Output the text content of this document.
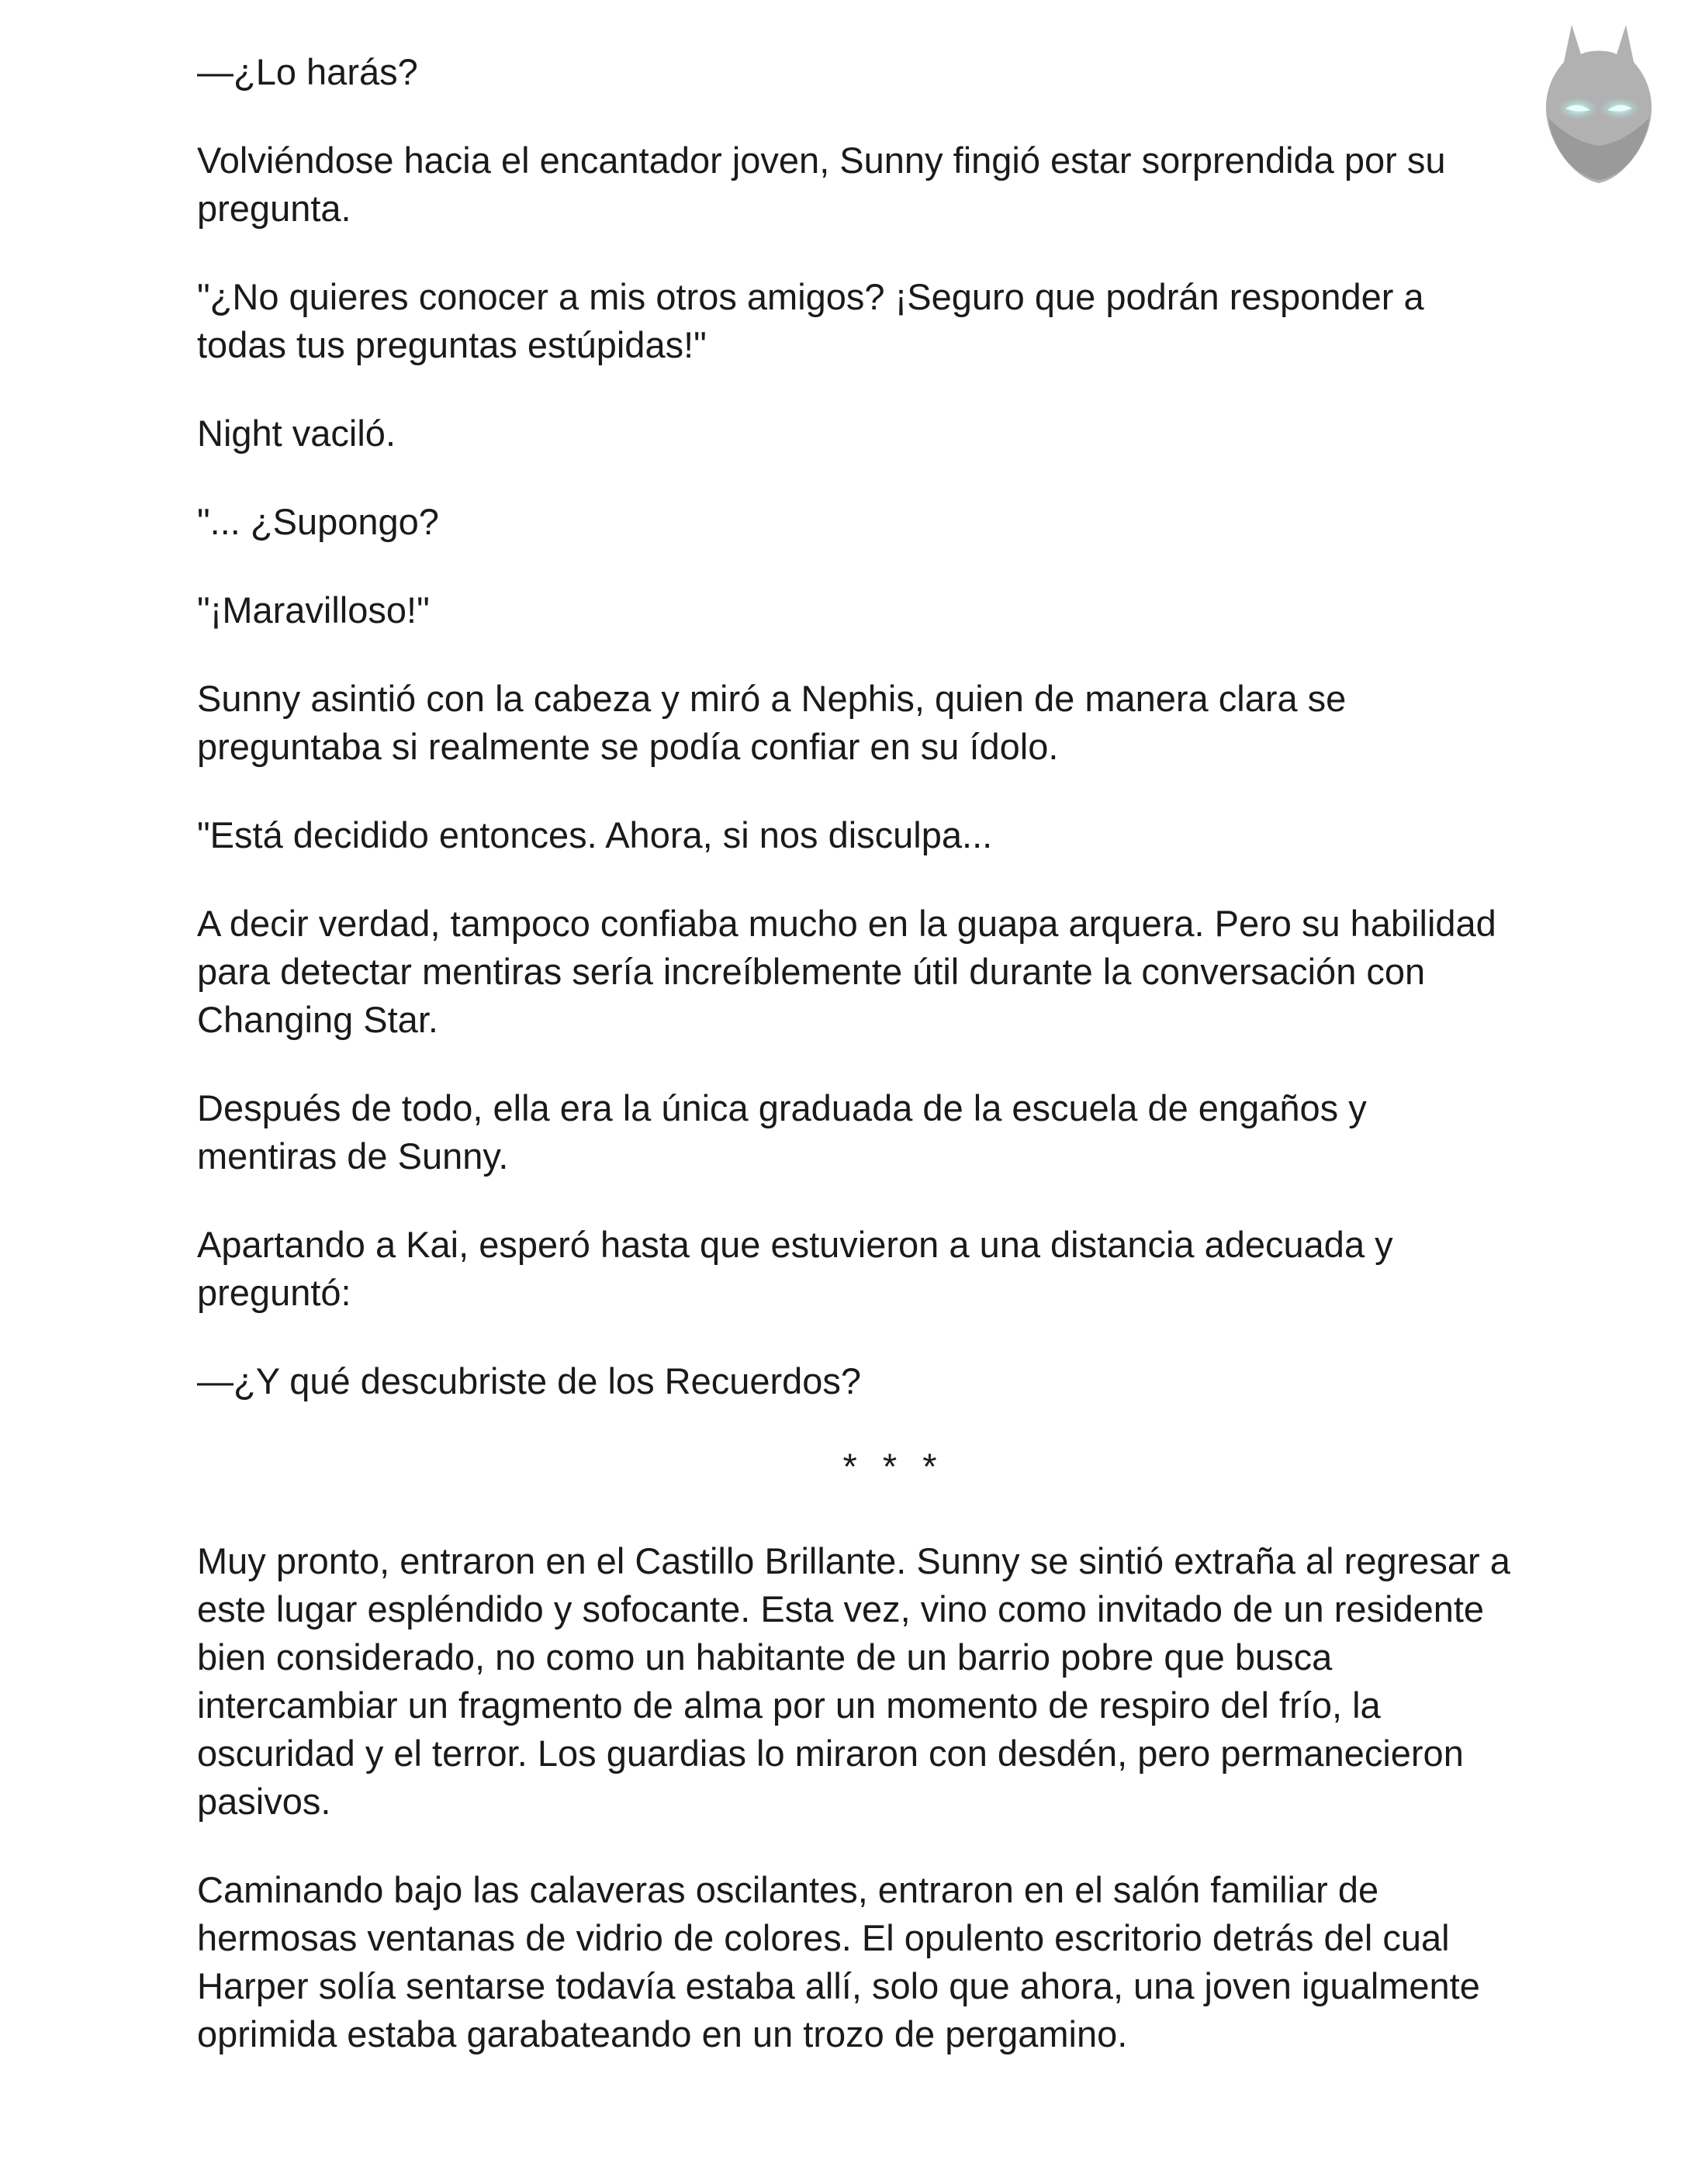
—¿Lo harás?

Volviéndose hacia el encantador joven, Sunny fingió estar sorprendida por su pregunta.

"¿No quieres conocer a mis otros amigos? ¡Seguro que podrán responder a todas tus preguntas estúpidas!"

Night vaciló.

"... ¿Supongo?

"¡Maravilloso!"

Sunny asintió con la cabeza y miró a Nephis, quien de manera clara se preguntaba si realmente se podía confiar en su ídolo.

"Está decidido entonces. Ahora, si nos disculpa...

A decir verdad, tampoco confiaba mucho en la guapa arquera. Pero su habilidad para detectar mentiras sería increíblemente útil durante la conversación con Changing Star.

Después de todo, ella era la única graduada de la escuela de engaños y mentiras de Sunny.

Apartando a Kai, esperó hasta que estuvieron a una distancia adecuada y preguntó:

—¿Y qué descubriste de los Recuerdos?

* * *

Muy pronto, entraron en el Castillo Brillante. Sunny se sintió extraña al regresar a este lugar espléndido y sofocante. Esta vez, vino como invitado de un residente bien considerado, no como un habitante de un barrio pobre que busca intercambiar un fragmento de alma por un momento de respiro del frío, la oscuridad y el terror. Los guardias lo miraron con desdén, pero permanecieron pasivos.

Caminando bajo las calaveras oscilantes, entraron en el salón familiar de hermosas ventanas de vidrio de colores. El opulento escritorio detrás del cual Harper solía sentarse todavía estaba allí, solo que ahora, una joven igualmente oprimida estaba garabateando en un trozo de pergamino.
